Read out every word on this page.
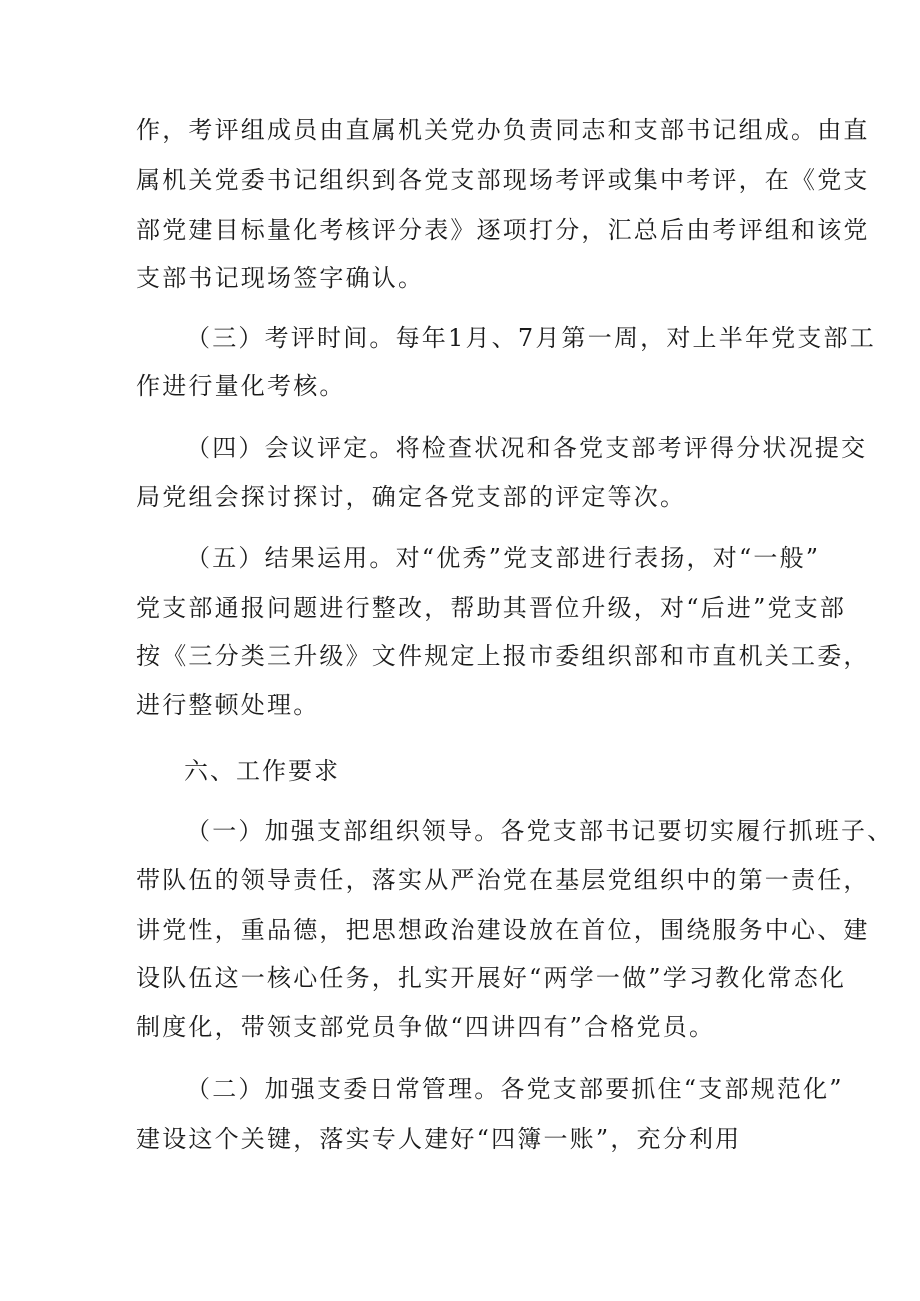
作，考评组成员由直属机关党办负责同志和支部书记组成。由直
属机关党委书记组织到各党支部现场考评或集中考评，在《党支
部党建目标量化考核评分表》逐项打分，汇总后由考评组和该党
支部书记现场签字确认。
（三）考评时间。每年1月、7月第一周，对上半年党支部工
作进行量化考核。
（四）会议评定。将检查状况和各党支部考评得分状况提交
局党组会探讨探讨，确定各党支部的评定等次。
（五）结果运用。对“优秀”党支部进行表扬，对“一般”
党支部通报问题进行整改，帮助其晋位升级，对“后进”党支部
按《三分类三升级》文件规定上报市委组织部和市直机关工委，
进行整顿处理。
六、工作要求
（一）加强支部组织领导。各党支部书记要切实履行抓班子、
带队伍的领导责任，落实从严治党在基层党组织中的第一责任，
讲党性，重品德，把思想政治建设放在首位，围绕服务中心、建
设队伍这一核心任务，扎实开展好“两学一做”学习教化常态化
制度化，带领支部党员争做“四讲四有”合格党员。
（二）加强支委日常管理。各党支部要抓住“支部规范化”
建设这个关键，落实专人建好“四簿一账”，充分利用
